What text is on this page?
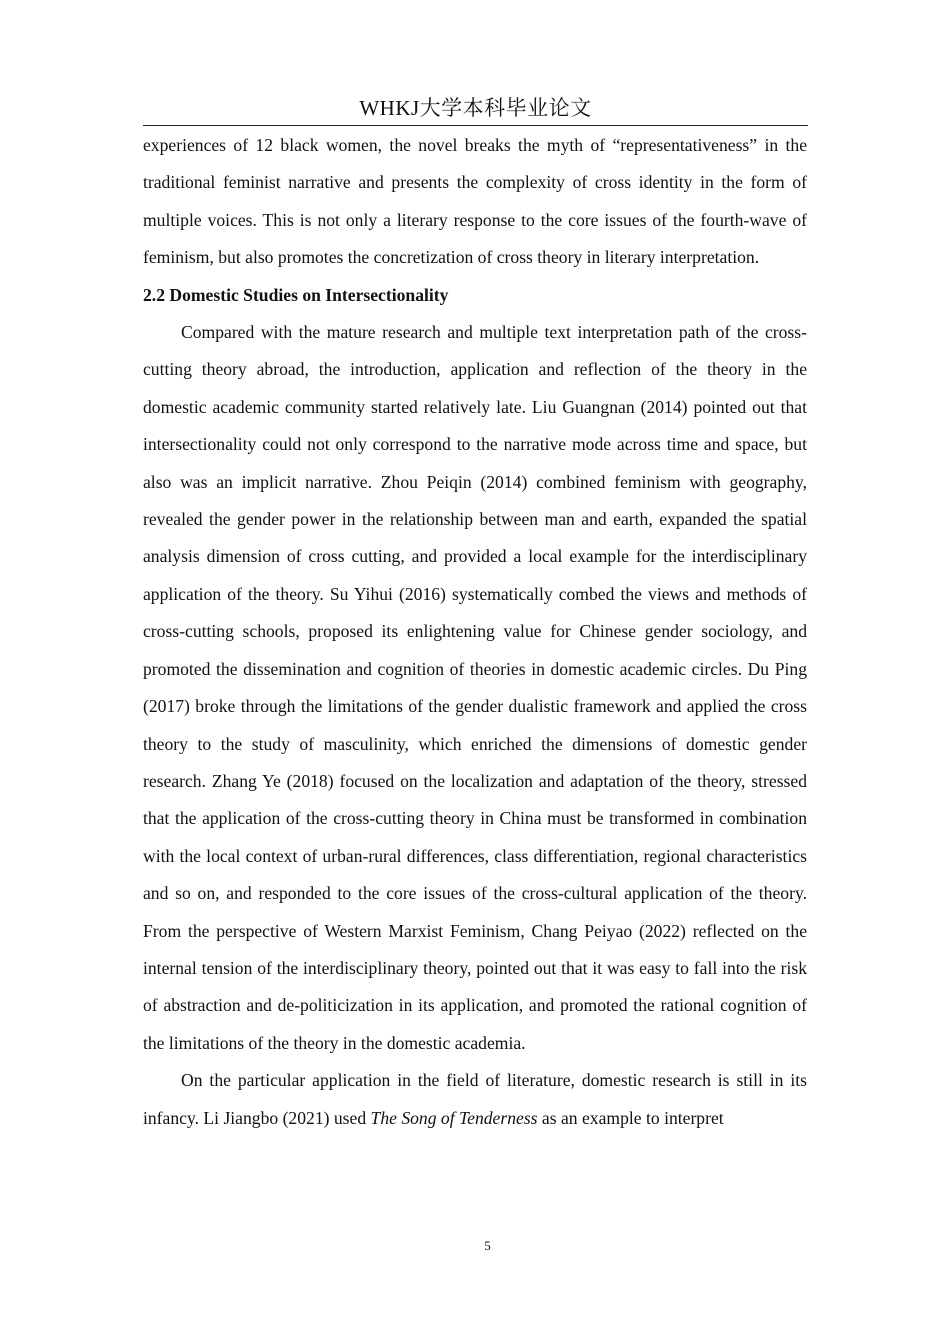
WHKJ大学本科毕业论文

experiences of 12 black women, the novel breaks the myth of “representativeness” in the traditional feminist narrative and presents the complexity of cross identity in the form of multiple voices. This is not only a literary response to the core issues of the fourth-wave of feminism, but also promotes the concretization of cross theory in literary interpretation.

2.2 Domestic Studies on Intersectionality

Compared with the mature research and multiple text interpretation path of the cross-cutting theory abroad, the introduction, application and reflection of the theory in the domestic academic community started relatively late. Liu Guangnan (2014) pointed out that intersectionality could not only correspond to the narrative mode across time and space, but also was an implicit narrative. Zhou Peiqin (2014) combined feminism with geography, revealed the gender power in the relationship between man and earth, expanded the spatial analysis dimension of cross cutting, and provided a local example for the interdisciplinary application of the theory. Su Yihui (2016) systematically combed the views and methods of cross-cutting schools, proposed its enlightening value for Chinese gender sociology, and promoted the dissemination and cognition of theories in domestic academic circles. Du Ping (2017) broke through the limitations of the gender dualistic framework and applied the cross theory to the study of masculinity, which enriched the dimensions of domestic gender research. Zhang Ye (2018) focused on the localization and adaptation of the theory, stressed that the application of the cross-cutting theory in China must be transformed in combination with the local context of urban-rural differences, class differentiation, regional characteristics and so on, and responded to the core issues of the cross-cultural application of the theory. From the perspective of Western Marxist Feminism, Chang Peiyao (2022) reflected on the internal tension of the interdisciplinary theory, pointed out that it was easy to fall into the risk of abstraction and de-politicization in its application, and promoted the rational cognition of the limitations of the theory in the domestic academia.

On the particular application in the field of literature, domestic research is still in its infancy. Li Jiangbo (2021) used The Song of Tenderness as an example to interpret

5
